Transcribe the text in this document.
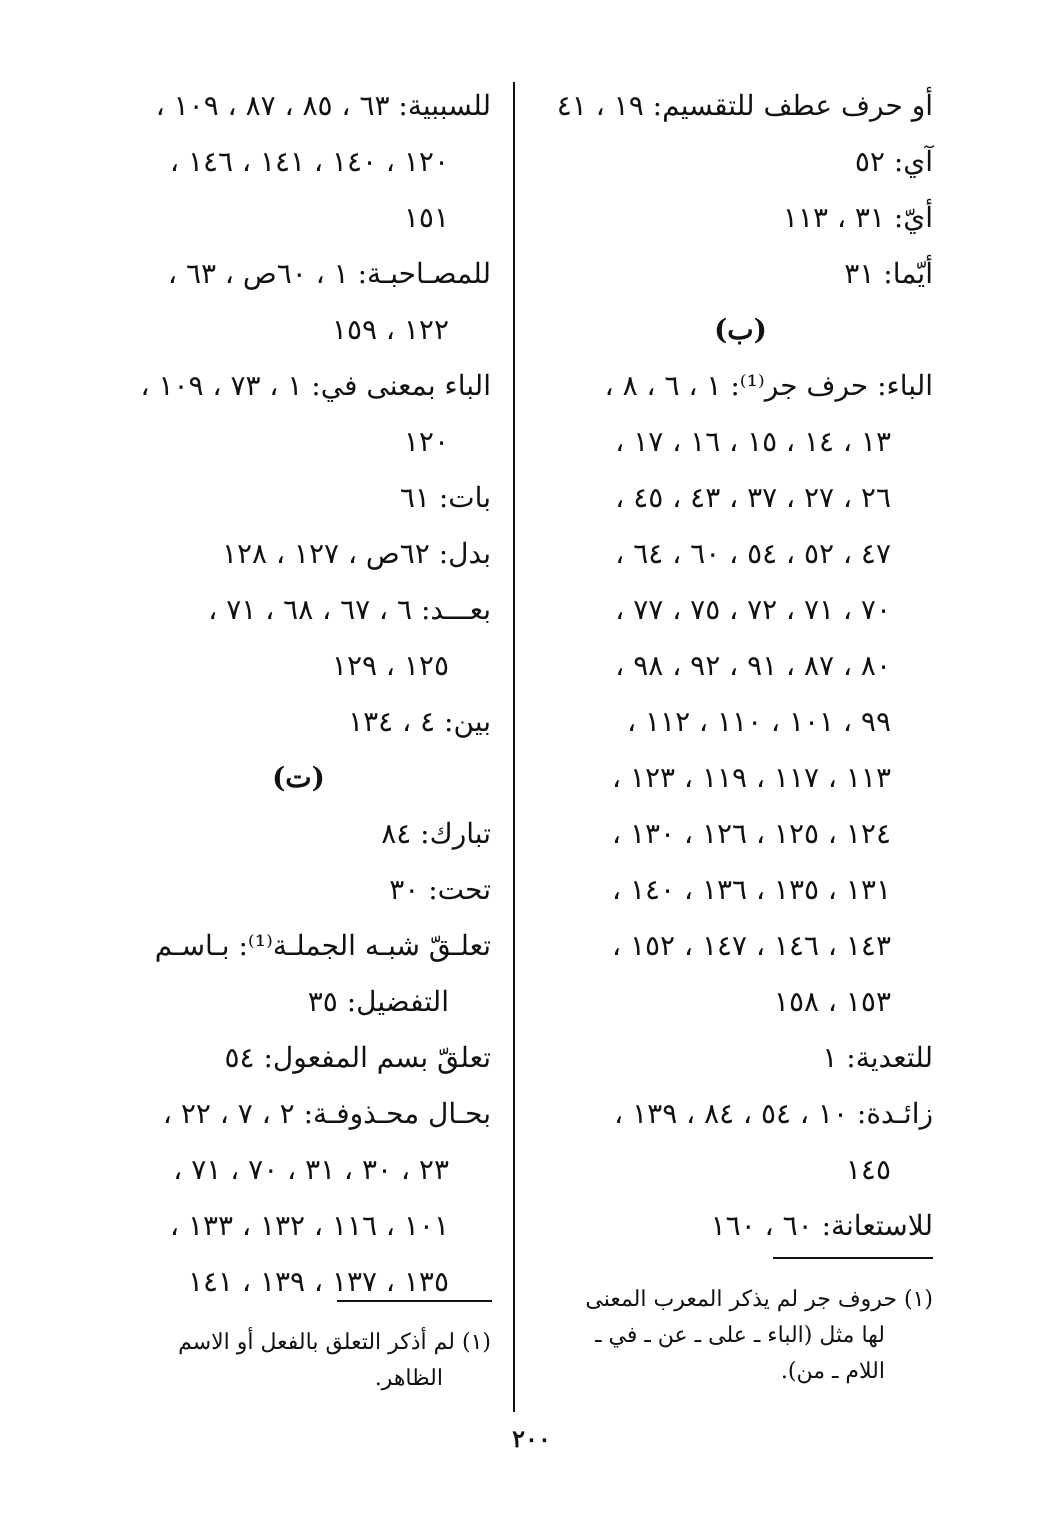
أو حرف عطف للتقسيم: ١٩ ، ٤١
آي: ٥٢
أيّ: ٣١ ، ١١٣
أيّما: ٣١
(ب)
الباء: حرف جر⁽¹⁾: ١ ، ٦ ، ٨ ،
١٣ ، ١٤ ، ١٥ ، ١٦ ، ١٧ ،
٢٦ ، ٢٧ ، ٣٧ ، ٤٣ ، ٤٥ ،
٤٧ ، ٥٢ ، ٥٤ ، ٦٠ ، ٦٤ ،
٧٠ ، ٧١ ، ٧٢ ، ٧٥ ، ٧٧ ،
٨٠ ، ٨٧ ، ٩١ ، ٩٢ ، ٩٨ ،
٩٩ ، ١٠١ ، ١١٠ ، ١١٢ ،
١١٣ ، ١١٧ ، ١١٩ ، ١٢٣ ،
١٢٤ ، ١٢٥ ، ١٢٦ ، ١٣٠ ،
١٣١ ، ١٣٥ ، ١٣٦ ، ١٤٠ ،
١٤٣ ، ١٤٦ ، ١٤٧ ، ١٥٢ ،
١٥٣ ، ١٥٨
للتعدية: ١
زائـدة: ١٠ ، ٥٤ ، ٨٤ ، ١٣٩ ،
١٤٥
للاستعانة: ٦٠ ، ١٦٠
للسببية: ٦٣ ، ٨٥ ، ٨٧ ، ١٠٩ ،
١٢٠ ، ١٤٠ ، ١٤١ ، ١٤٦ ،
١٥١
للمصـاحبـة: ١ ، ٦٠ص ، ٦٣ ،
١٢٢ ، ١٥٩
الباء بمعنى في: ١ ، ٧٣ ، ١٠٩ ،
١٢٠
بات: ٦١
بدل: ٦٢ص ، ١٢٧ ، ١٢٨
بعـــد: ٦ ، ٦٧ ، ٦٨ ، ٧١ ،
١٢٥ ، ١٢٩
بين: ٤ ، ١٣٤
(ت)
تبارك: ٨٤
تحت: ٣٠
تعلـقّ شبـه الجملـة⁽¹⁾: بـاسـم
التفضيل: ٣٥
تعلقّ بسم المفعول: ٥٤
بحـال محـذوفـة: ٢ ، ٧ ، ٢٢ ،
٢٣ ، ٣٠ ، ٣١ ، ٧٠ ، ٧١ ،
١٠١ ، ١١٦ ، ١٣٢ ، ١٣٣ ،
١٣٥ ، ١٣٧ ، ١٣٩ ، ١٤١
(١) حروف جر لم يذكر المعرب المعنى
لها مثل (الباء ـ على ـ عن ـ في ـ
اللام ـ من).
(١) لم أذكر التعلق بالفعل أو الاسم
الظاهر.
٢٠٠
